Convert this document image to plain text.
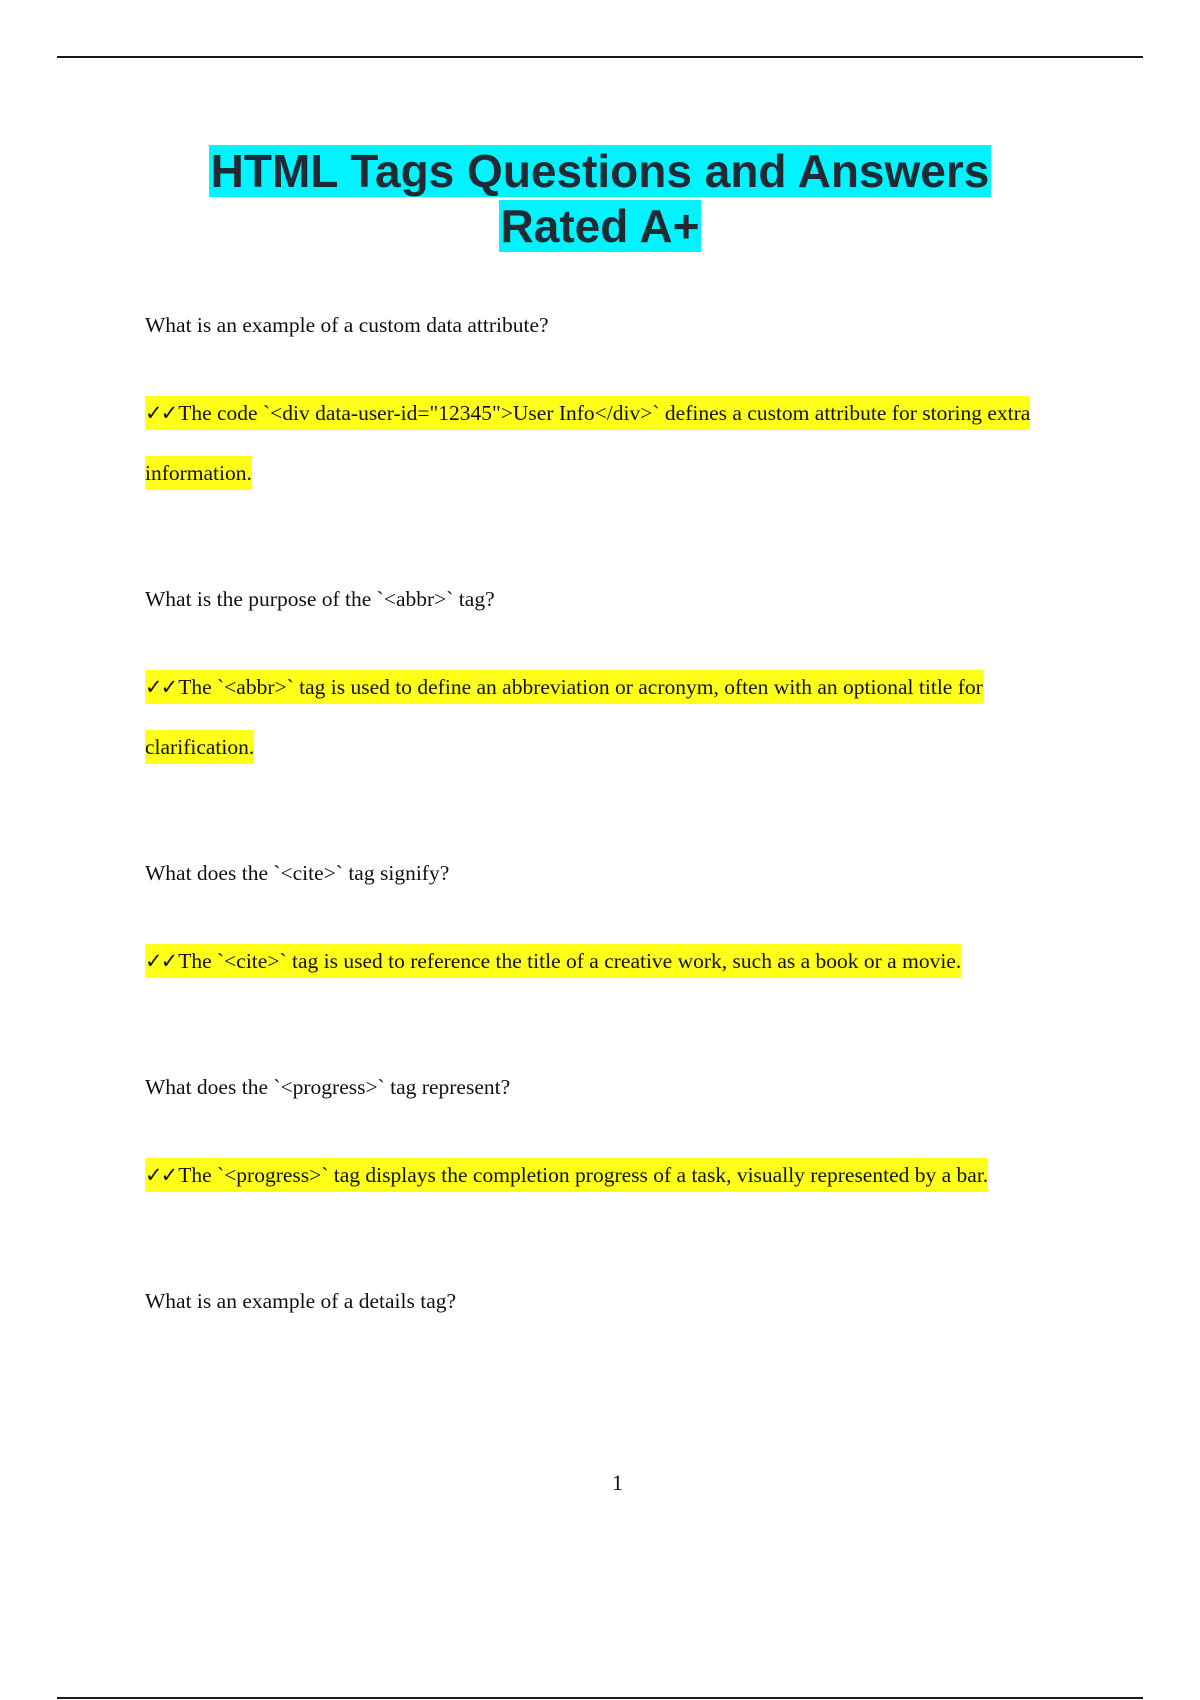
HTML Tags Questions and Answers
Rated A+

What is an example of a custom data attribute?

✓✓The code `<div data-user-id="12345">User Info</div>` defines a custom attribute for storing extra information.

What is the purpose of the `<abbr>` tag?

✓✓The `<abbr>` tag is used to define an abbreviation or acronym, often with an optional title for clarification.

What does the `<cite>` tag signify?

✓✓The `<cite>` tag is used to reference the title of a creative work, such as a book or a movie.

What does the `<progress>` tag represent?

✓✓The `<progress>` tag displays the completion progress of a task, visually represented by a bar.

What is an example of a details tag?

1
